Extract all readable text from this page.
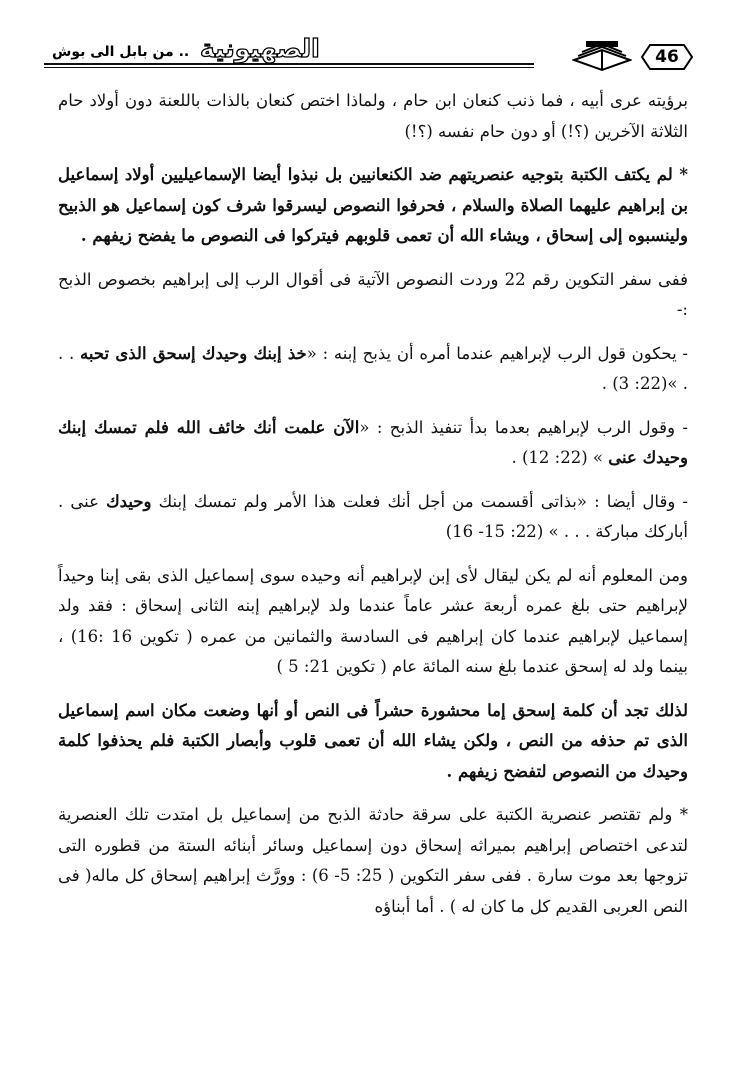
46
الصهيونية
.. من بابل الى بوش

برؤيته عرى أبيه ، فما ذنب كنعان ابن حام ، ولماذا اختص كنعان بالذات باللعنة دون أولاد حام الثلاثة الآخرين (؟!) أو دون حام نفسه (؟!)

* لم يكتف الكتبة بتوجيه عنصريتهم ضد الكنعانيين بل نبذوا أيضا الإسماعيليين أولاد إسماعيل بن إبراهيم عليهما الصلاة والسلام ، فحرفوا النصوص ليسرقوا شرف كون إسماعيل هو الذبيح ولينسبوه إلى إسحاق ، ويشاء الله أن تعمى قلوبهم فيتركوا فى النصوص ما يفضح زيفهم .

ففى سفر التكوين رقم 22 وردت النصوص الآتية فى أقوال الرب إلى إبراهيم بخصوص الذبح :-

- يحكون قول الرب لإبراهيم عندما أمره أن يذبح إبنه : «خذ إبنك وحيدك إسحق الذى تحبه . . . »(22: 3) .

- وقول الرب لإبراهيم بعدما بدأ تنفيذ الذبح : «الآن علمت أنك خائف الله فلم تمسك إبنك وحيدك عنى » (22: 12) .

- وقال أيضا : «بذاتى أقسمت من أجل أنك فعلت هذا الأمر ولم تمسك إبنك وحيدك عنى . أباركك مباركة . . . » (22: 15- 16)

ومن المعلوم أنه لم يكن ليقال لأى إبن لإبراهيم أنه وحيده سوى إسماعيل الذى بقى إبنا وحيداً لإبراهيم حتى بلغ عمره أربعة عشر عاماً عندما ولد لإبراهيم إبنه الثانى إسحاق : فقد ولد إسماعيل لإبراهيم عندما كان إبراهيم فى السادسة والثمانين من عمره ( تكوين 16 :16) ، بينما ولد له إسحق عندما بلغ سنه المائة عام ( تكوين 21: 5 )

لذلك تجد أن كلمة إسحق إما محشورة حشراً فى النص أو أنها وضعت مكان اسم إسماعيل الذى تم حذفه من النص ، ولكن يشاء الله أن تعمى قلوب وأبصار الكتبة فلم يحذفوا كلمة وحيدك من النصوص لتفضح زيفهم .

* ولم تقتصر عنصرية الكتبة على سرقة حادثة الذبح من إسماعيل بل امتدت تلك العنصرية لتدعى اختصاص إبراهيم بميراثه إسحاق دون إسماعيل وسائر أبنائه الستة من قطوره التى تزوجها بعد موت سارة . ففى سفر التكوين ( 25: 5- 6) : وورَّث إبراهيم إسحاق كل ماله( فى النص العربى القديم كل ما كان له ) . أما أبناؤه
